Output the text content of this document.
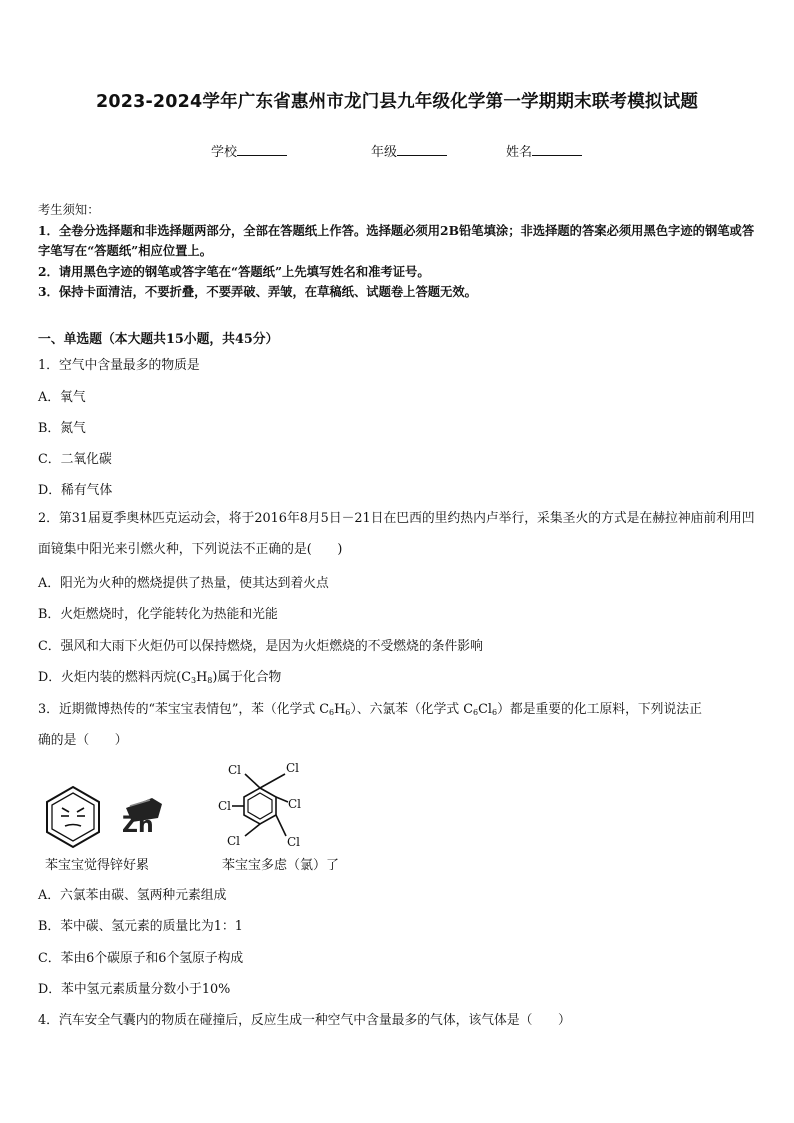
2023-2024学年广东省惠州市龙门县九年级化学第一学期期末联考模拟试题
学校	年级	姓名
考生须知：
1．全卷分选择题和非选择题两部分，全部在答题纸上作答。选择题必须用2B铅笔填涂；非选择题的答案必须用黑色字迹的钢笔或答字笔写在“答题纸”相应位置上。
2．请用黑色字迹的钢笔或答字笔在“答题纸”上先填写姓名和准考证号。
3．保持卡面清洁，不要折叠，不要弄破、弄皱，在草稿纸、试题卷上答题无效。
一、单选题（本大题共15小题，共45分）
1．空气中含量最多的物质是
A．氧气
B．氮气
C．二氧化碳
D．稀有气体
2．第31届夏季奥林匹克运动会，将于2016年8月5日－21日在巴西的里约热内卢举行，采集圣火的方式是在赫拉神庙前利用凹面镜集中阳光来引燃火种，下列说法不正确的是(　　)
A．阳光为火种的燃烧提供了热量，使其达到着火点
B．火炬燃烧时，化学能转化为热能和光能
C．强风和大雨下火炬仍可以保持燃烧，是因为火炬燃烧的不受燃烧的条件影响
D．火炬内装的燃料丙烷$(C_3H_8)$属于化合物
3．近期微博热传的“苯宝宝表情包”，苯（化学式 $C_6H_6$）、六氯苯（化学式 $C_6Cl_6$）都是重要的化工原料，下列说法正
确的是（　　）
Zn
Cl	Cl
Cl
Cl
Cl	Cl
苯宝宝觉得锌好累	苯宝宝多虑（氯）了
A．六氯苯由碳、氢两种元素组成
B．苯中碳、氢元素的质量比为1：1
C．苯由6个碳原子和6个氢原子构成
D．苯中氢元素质量分数小于10%
4．汽车安全气囊内的物质在碰撞后，反应生成一种空气中含量最多的气体，该气体是（　　）
